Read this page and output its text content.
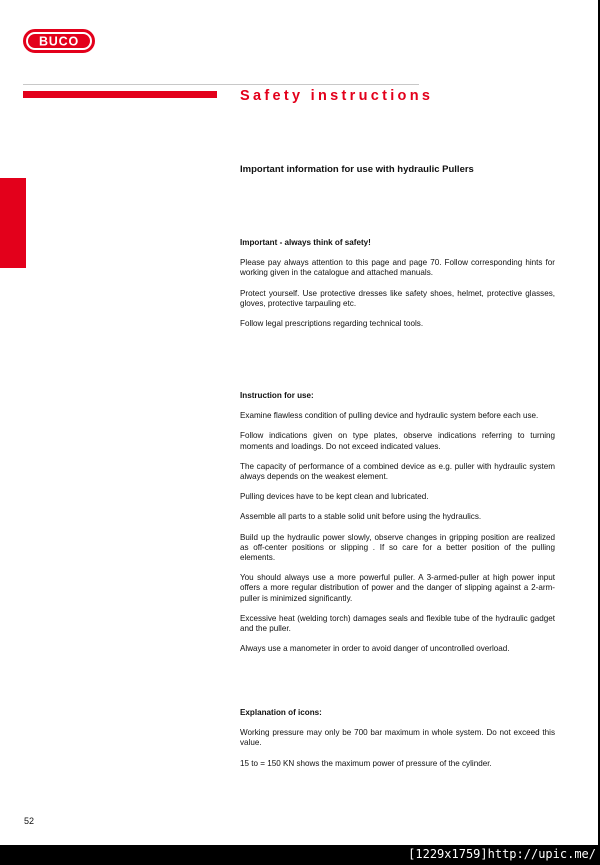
BUCO
Safety instructions
Important information for use with hydraulic Pullers
Important - always think of safety!

Please pay always attention to this page and page 70. Follow corresponding hints for working given in the catalogue and attached manuals.

Protect yourself. Use protective dresses like safety shoes, helmet, protective glasses, gloves, protective tarpauling etc.

Follow legal prescriptions regarding technical tools.

Instruction for use:

Examine flawless condition of pulling device and hydraulic system before each use.

Follow indications given on type plates, observe indications referring to turning moments and loadings. Do not exceed indicated values.

The capacity of performance of a combined device as e.g. puller with hydraulic system always depends on the weakest element.

Pulling devices have to be kept clean and lubricated.

Assemble all parts to a stable solid unit before using the hydraulics.

Build up the hydraulic power slowly, observe changes in gripping position are realized as off-center positions or slipping . If so care for a better position of the pulling elements.

You should always use a more powerful puller. A 3-armed-puller at high power input offers a more regular distribution of power and the danger of slipping against a 2-arm-puller is minimized significantly.

Excessive heat (welding torch) damages seals and flexible tube of the hydraulic gadget and the puller.

Always use a manometer in order to avoid danger of uncontrolled overload.

Explanation of icons:

Working pressure may only be 700 bar maximum in whole system. Do not exceed this value.

15 to = 150 KN shows the maximum power of pressure of the cylinder.

52
[1229x1759]http://upic.me/
